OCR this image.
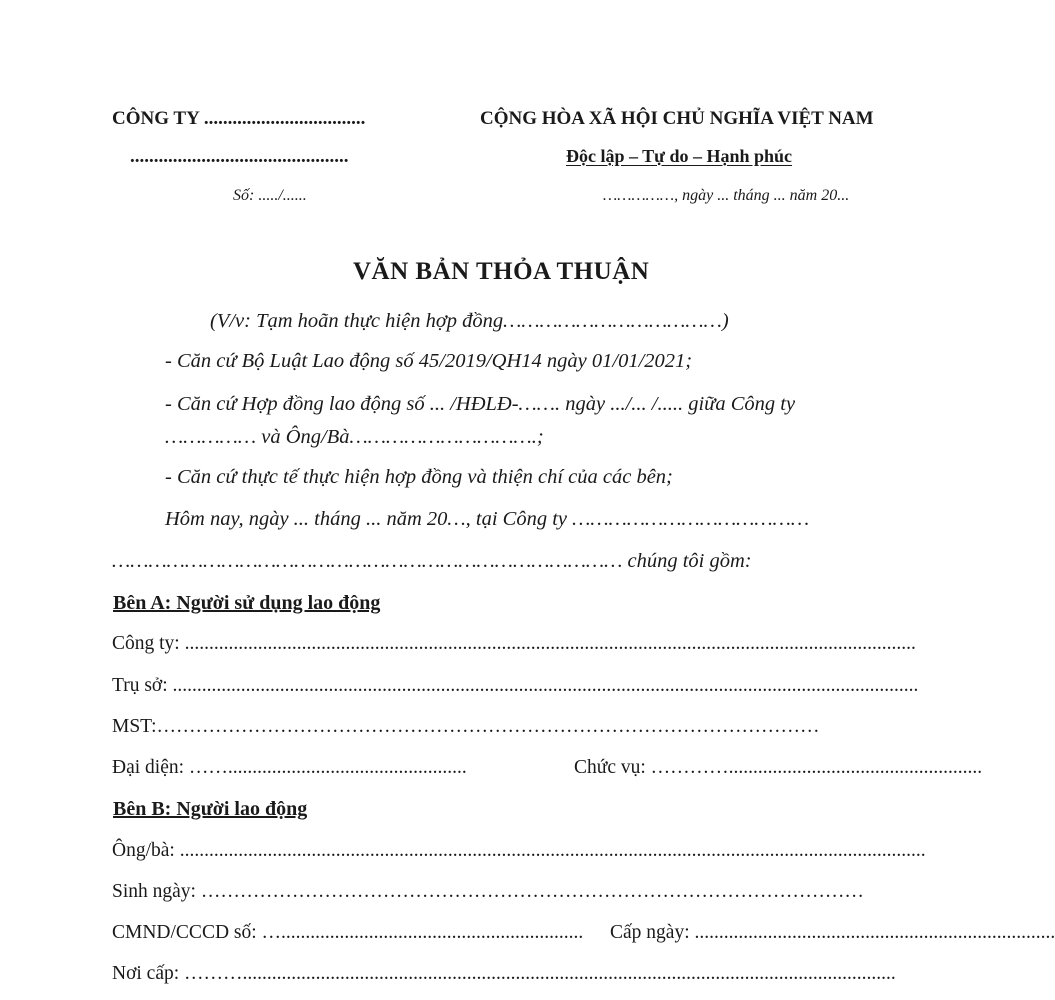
CÔNG TY ..................................
..............................................
Số: ...../......
CỘNG HÒA XÃ HỘI CHỦ NGHĨA VIỆT NAM
Độc lập – Tự do – Hạnh phúc
……………, ngày ... tháng ... năm 20...
VĂN BẢN THỎA THUẬN
(V/v: Tạm hoãn thực hiện hợp đồng………………………………)
- Căn cứ Bộ Luật Lao động số 45/2019/QH14 ngày 01/01/2021;
- Căn cứ Hợp đồng lao động số ... /HĐLĐ-……. ngày .../... /..... giữa Công ty
…………… và Ông/Bà………………………….;
- Căn cứ thực tế thực hiện hợp đồng và thiện chí của các bên;
Hôm nay, ngày ... tháng ... năm 20…, tại Công ty …………………………………
………………………………………………………………………… chúng tôi gồm:
Bên A: Người sử dụng lao động
Công ty: ......................................................................................................................................................
Trụ sở: .........................................................................................................................................................
MST:…………………………………………………………………………………………
Đại diện: …….................................................	Chức vụ: …………....................................................
Bên B: Người lao động
Ông/bà: .........................................................................................................................................................
Sinh ngày: …………………………………………………………………………………………
CMND/CCCD số: …..............................................................	Cấp ngày: ..........................................................................
Nơi cấp: ………......................................................................................................................................
